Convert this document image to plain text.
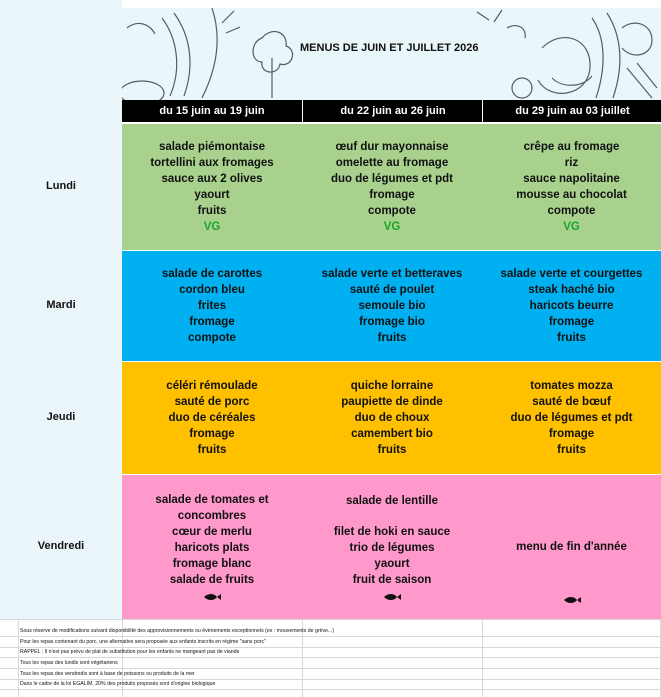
MENUS DE JUIN ET JUILLET 2026
du 15 juin au 19 juin	du 22 juin au 26 juin	du 29 juin au 03 juillet
Lundi
salade piémontaise
tortellini aux fromages
sauce aux 2 olives
yaourt
fruits
VG
œuf dur mayonnaise
omelette au fromage
duo de légumes et pdt
fromage
compote
VG
crêpe au fromage
riz
sauce napolitaine
mousse au chocolat
compote
VG
Mardi
salade de carottes
cordon bleu
frites
fromage
compote
salade verte et betteraves
sauté de poulet
semoule bio
fromage bio
fruits
salade verte et courgettes
steak haché bio
haricots beurre
fromage
fruits
Jeudi
céléri rémoulade
sauté de porc
duo de céréales
fromage
fruits
quiche lorraine
paupiette de dinde
duo de choux
camembert bio
fruits
tomates mozza
sauté de bœuf
duo de légumes et pdt
fromage
fruits
Vendredi
salade de tomates et
concombres
cœur de merlu
haricots plats
fromage blanc
salade de fruits
salade de lentille
filet de hoki en sauce
trio de légumes
yaourt
fruit de saison
menu de fin d'année
Sous réserve de modifications suivant disponibilité des approvisionnements ou évènements exceptionnels (ex : mouvements de grève...)
Pour les repas contenant du porc, une alternative sera proposée aux enfants inscrits en régime "sans porc"
RAPPEL : Il n'est pas prévu de plat de substitution pour les enfants ne mangeant pas de viande
Tous les repas des lundis sont végétariens
Tous les repas des vendredis sont à base de poissons ou produits de la mer
Dans le cadre de la loi EGALIM, 20% des produits proposés sont d'origine biologique
